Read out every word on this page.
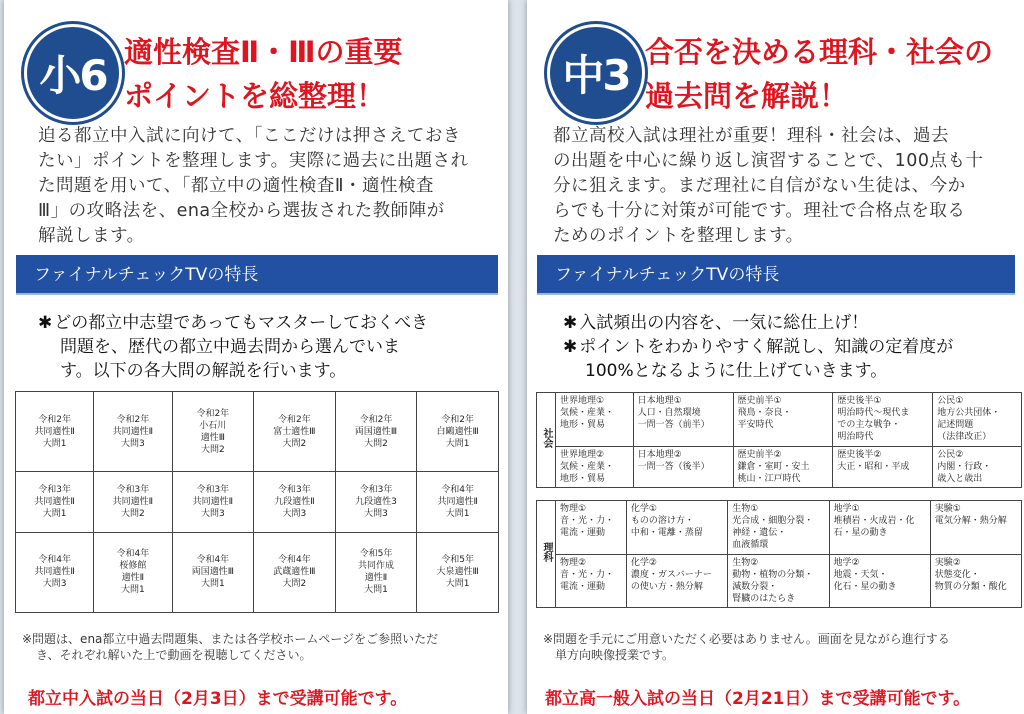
小6 適性検査Ⅱ・Ⅲの重要
ポイントを総整理！
迫る都立中入試に向けて、「ここだけは押さえておき
たい」ポイントを整理します。実際に過去に出題され
た問題を用いて、「都立中の適性検査Ⅱ・適性検査
Ⅲ」の攻略法を、ena全校から選抜された教師陣が
解説します。
ファイナルチェックTVの特長
✱ どの都立中志望であってもマスターしておくべき
問題を、歴代の都立中過去問から選んでいま
す。以下の各大問の解説を行います。
令和2年
共同適性Ⅱ
大問1	令和2年
共同適性Ⅱ
大問3	令和2年
小石川
適性Ⅲ
大問2	令和2年
富士適性Ⅲ
大問2	令和2年
両国適性Ⅲ
大問2	令和2年
白鷗適性Ⅲ
大問1
令和3年
共同適性Ⅱ
大問1	令和3年
共同適性Ⅱ
大問2	令和3年
共同適性Ⅱ
大問3	令和3年
九段適性Ⅱ
大問3	令和3年
九段適性3
大問3	令和4年
共同適性Ⅱ
大問1
令和4年
共同適性Ⅱ
大問3	令和4年
桜修館
適性Ⅱ
大問1	令和4年
両国適性Ⅲ
大問1	令和4年
武蔵適性Ⅲ
大問2	令和5年
共同作成
適性Ⅱ
大問1	令和5年
大泉適性Ⅲ
大問1
※問題は、ena都立中過去問題集、または各学校ホームページをご参照いただ
き、それぞれ解いた上で動画を視聴してください。
都立中入試の当日（2月3日）まで受講可能です。
中3 合否を決める理科・社会の
過去問を解説！
都立高校入試は理社が重要！理科・社会は、過去
の出題を中心に繰り返し演習することで、100点も十
分に狙えます。まだ理社に自信がない生徒は、今か
らでも十分に対策が可能です。理社で合格点を取る
ためのポイントを整理します。
ファイナルチェックTVの特長
✱ 入試頻出の内容を、一気に総仕上げ！
✱ ポイントをわかりやすく解説し、知識の定着度が
100%となるように仕上げていきます。
社会	世界地理①
気候・産業・
地形・貿易	日本地理①
人口・自然環境
一問一答（前半）	歴史前半①
飛鳥・奈良・
平安時代	歴史後半①
明治時代〜現代ま
での主な戦争・
明治時代	公民①
地方公共団体・
記述問題
（法律改正）
	世界地理②
気候・産業・
地形・貿易	日本地理②
一問一答（後半）	歴史前半②
鎌倉・室町・安土
桃山・江戸時代	歴史後半②
大正・昭和・平成	公民②
内閣・行政・
歳入と歳出
理科	物理①
音・光・力・
電流・運動	化学①
ものの溶け方・
中和・電離・蒸留	生物①
光合成・細胞分裂・
神経・遺伝・
血液循環	地学①
堆積岩・火成岩・化
石・星の動き	実験①
電気分解・熱分解
	物理②
音・光・力・
電流・運動	化学②
濃度・ガスバーナー
の使い方・熱分解	生物②
動物・植物の分類・
減数分裂・
腎臓のはたらき	地学②
地震・天気・
化石・星の動き	実験②
状態変化・
物質の分類・酸化
※問題を手元にご用意いただく必要はありません。画面を見ながら進行する
　単方向映像授業です。
都立高一般入試の当日（2月21日）まで受講可能です。
